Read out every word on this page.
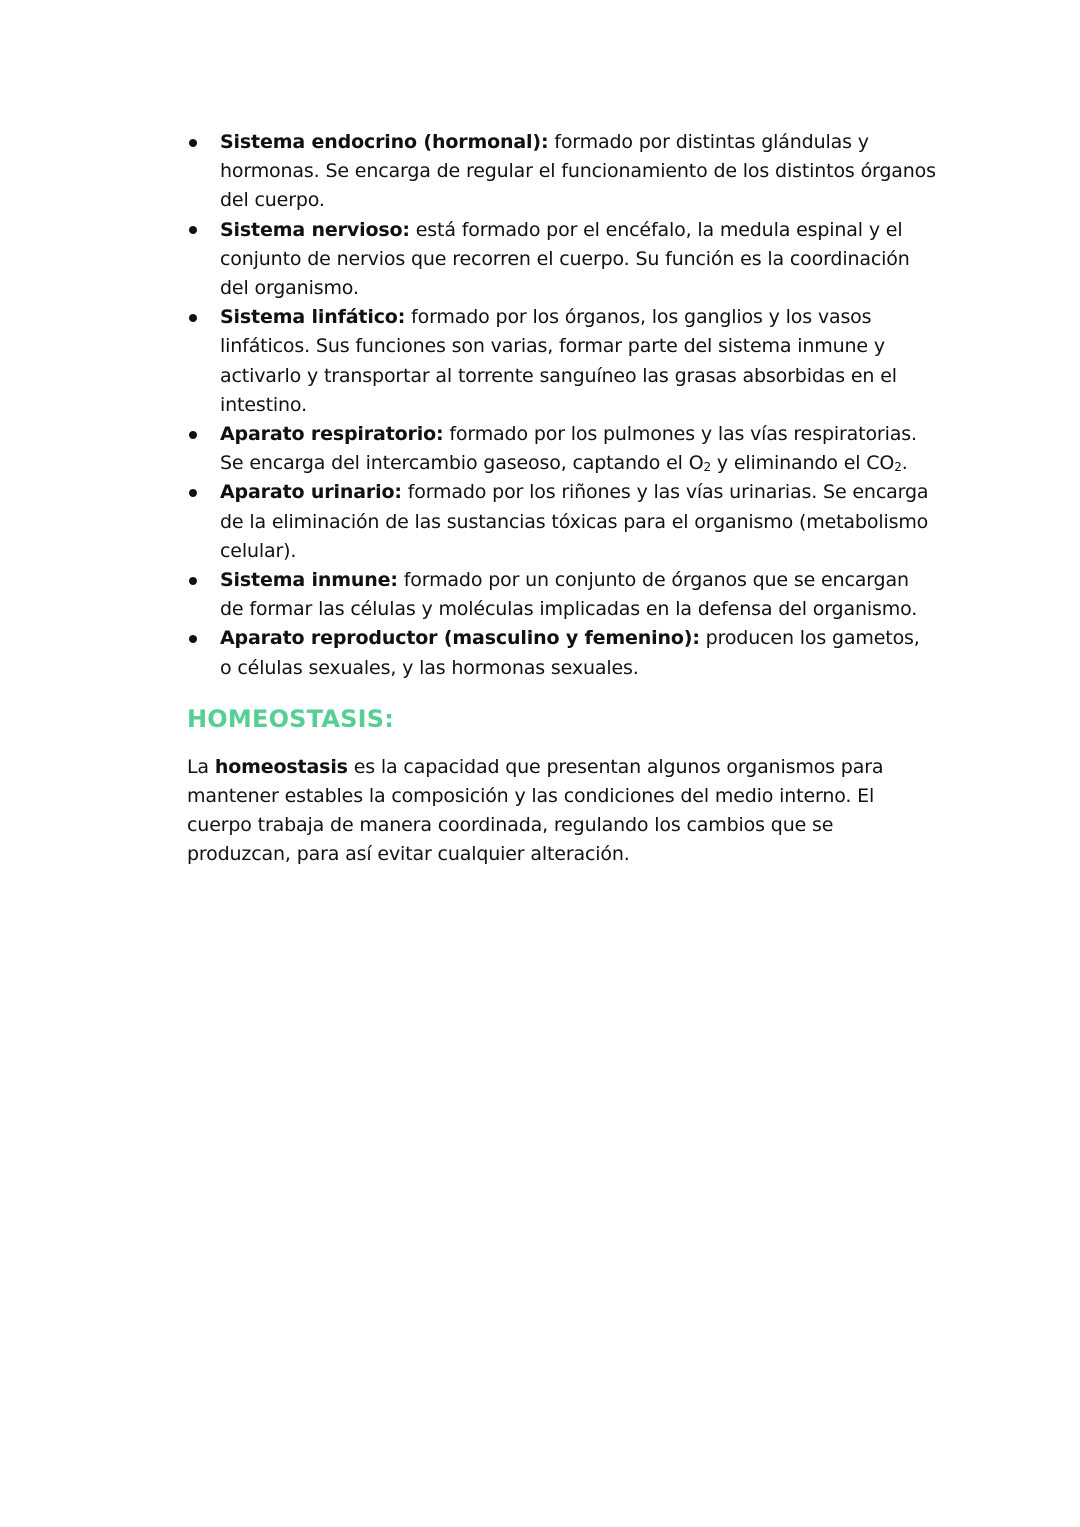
Sistema endocrino (hormonal): formado por distintas glándulas y hormonas. Se encarga de regular el funcionamiento de los distintos órganos del cuerpo.
Sistema nervioso: está formado por el encéfalo, la medula espinal y el conjunto de nervios que recorren el cuerpo. Su función es la coordinación del organismo.
Sistema linfático: formado por los órganos, los ganglios y los vasos linfáticos. Sus funciones son varias, formar parte del sistema inmune y activarlo y transportar al torrente sanguíneo las grasas absorbidas en el intestino.
Aparato respiratorio: formado por los pulmones y las vías respiratorias. Se encarga del intercambio gaseoso, captando el $O_2$ y eliminando el $CO_2$.
Aparato urinario: formado por los riñones y las vías urinarias. Se encarga de la eliminación de las sustancias tóxicas para el organismo (metabolismo celular).
Sistema inmune: formado por un conjunto de órganos que se encargan de formar las células y moléculas implicadas en la defensa del organismo.
Aparato reproductor (masculino y femenino): producen los gametos, o células sexuales, y las hormonas sexuales.
HOMEOSTASIS:

La homeostasis es la capacidad que presentan algunos organismos para mantener estables la composición y las condiciones del medio interno. El cuerpo trabaja de manera coordinada, regulando los cambios que se produzcan, para así evitar cualquier alteración.
